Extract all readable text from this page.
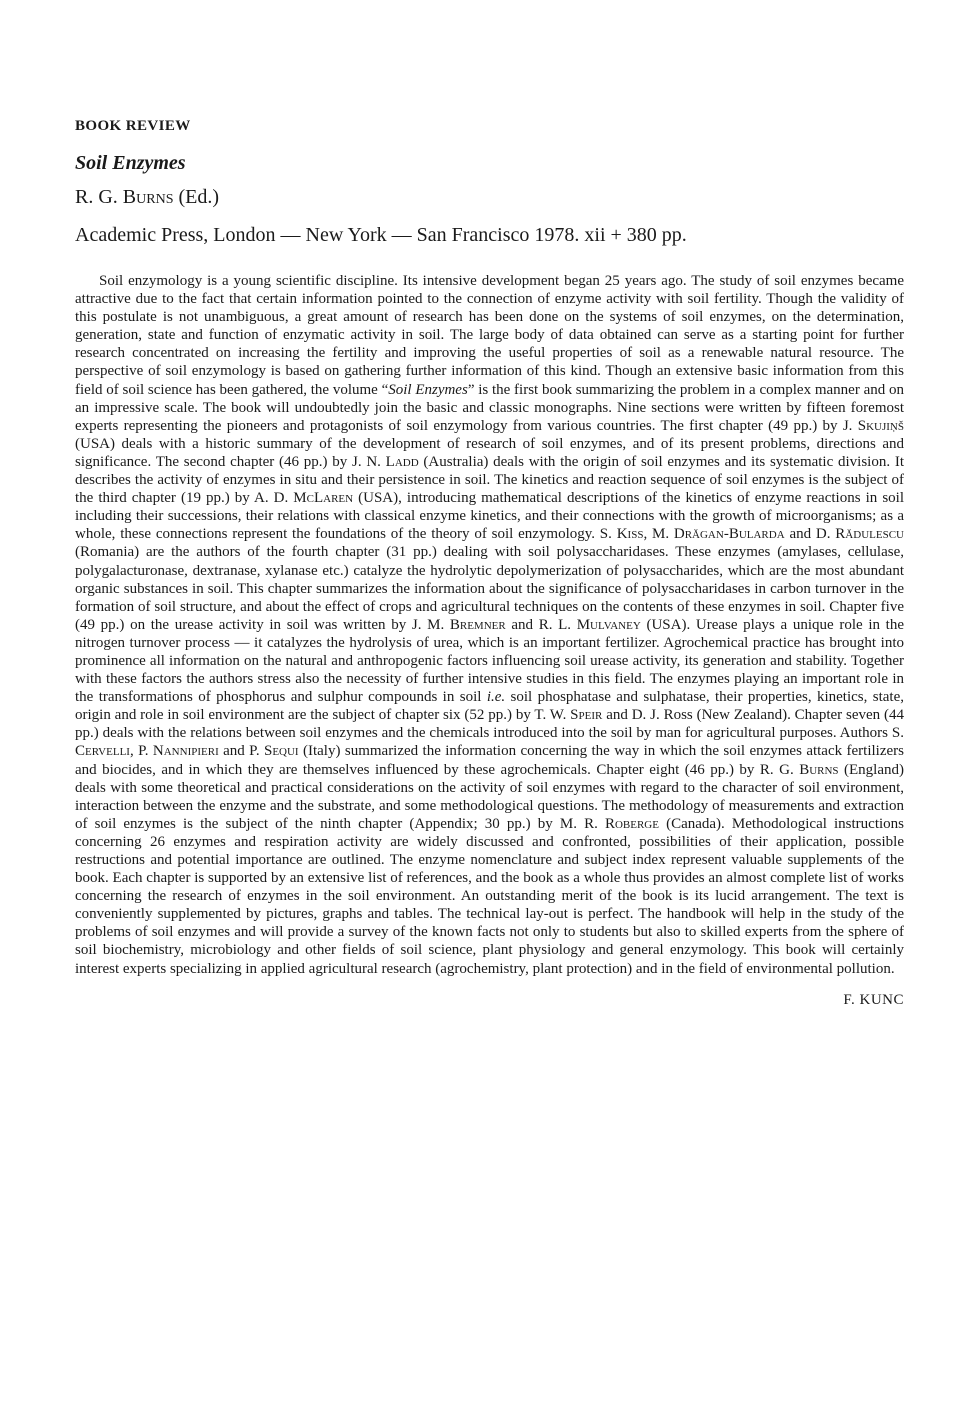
BOOK REVIEW
Soil Enzymes
R. G. Burns (Ed.)
Academic Press, London — New York — San Francisco 1978. xii + 380 pp.

Soil enzymology is a young scientific discipline. Its intensive development began 25 years ago. The study of soil enzymes became attractive due to the fact that certain information pointed to the connection of enzyme activity with soil fertility. Though the validity of this postulate is not unambiguous, a great amount of research has been done on the systems of soil enzymes, on the determination, generation, state and function of enzymatic activity in soil. The large body of data obtained can serve as a starting point for further research concentrated on increasing the fertility and improving the useful properties of soil as a renewable natural resource. The perspective of soil enzymology is based on gathering further information of this kind. Though an extensive basic information from this field of soil science has been gathered, the volume “Soil Enzymes” is the first book summarizing the problem in a complex manner and on an impressive scale. The book will undoubtedly join the basic and classic monographs. Nine sections were written by fifteen foremost experts representing the pioneers and protagonists of soil enzymology from various countries. The first chapter (49 pp.) by J. Skujiņš (USA) deals with a historic summary of the development of research of soil enzymes, and of its present problems, directions and significance. The second chapter (46 pp.) by J. N. Ladd (Australia) deals with the origin of soil enzymes and its systematic division. It describes the activity of enzymes in situ and their persistence in soil. The kinetics and reaction sequence of soil enzymes is the subject of the third chapter (19 pp.) by A. D. McLaren (USA), introducing mathematical descriptions of the kinetics of enzyme reactions in soil including their successions, their relations with classical enzyme kinetics, and their connections with the growth of microorganisms; as a whole, these connections represent the foundations of the theory of soil enzymology. S. Kiss, M. Drăgan-Bularda and D. Rădulescu (Romania) are the authors of the fourth chapter (31 pp.) dealing with soil polysaccharidases. These enzymes (amylases, cellulase, polygalacturonase, dextranase, xylanase etc.) catalyze the hydrolytic depolymerization of polysaccharides, which are the most abundant organic substances in soil. This chapter summarizes the information about the significance of polysaccharidases in carbon turnover in the formation of soil structure, and about the effect of crops and agricultural techniques on the contents of these enzymes in soil. Chapter five (49 pp.) on the urease activity in soil was written by J. M. Bremner and R. L. Mulvaney (USA). Urease plays a unique role in the nitrogen turnover process — it catalyzes the hydrolysis of urea, which is an important fertilizer. Agrochemical practice has brought into prominence all information on the natural and anthropogenic factors influencing soil urease activity, its generation and stability. Together with these factors the authors stress also the necessity of further intensive studies in this field. The enzymes playing an important role in the transformations of phosphorus and sulphur compounds in soil i.e. soil phosphatase and sulphatase, their properties, kinetics, state, origin and role in soil environment are the subject of chapter six (52 pp.) by T. W. Speir and D. J. Ross (New Zealand). Chapter seven (44 pp.) deals with the relations between soil enzymes and the chemicals introduced into the soil by man for agricultural purposes. Authors S. Cervelli, P. Nannipieri and P. Sequi (Italy) summarized the information concerning the way in which the soil enzymes attack fertilizers and biocides, and in which they are themselves influenced by these agrochemicals. Chapter eight (46 pp.) by R. G. Burns (England) deals with some theoretical and practical considerations on the activity of soil enzymes with regard to the character of soil environment, interaction between the enzyme and the substrate, and some methodological questions. The methodology of measurements and extraction of soil enzymes is the subject of the ninth chapter (Appendix; 30 pp.) by M. R. Roberge (Canada). Methodological instructions concerning 26 enzymes and respiration activity are widely discussed and confronted, possibilities of their application, possible restructions and potential importance are outlined. The enzyme nomenclature and subject index represent valuable supplements of the book. Each chapter is supported by an extensive list of references, and the book as a whole thus provides an almost complete list of works concerning the research of enzymes in the soil environment. An outstanding merit of the book is its lucid arrangement. The text is conveniently supplemented by pictures, graphs and tables. The technical lay-out is perfect. The handbook will help in the study of the problems of soil enzymes and will provide a survey of the known facts not only to students but also to skilled experts from the sphere of soil biochemistry, microbiology and other fields of soil science, plant physiology and general enzymology. This book will certainly interest experts specializing in applied agricultural research (agrochemistry, plant protection) and in the field of environmental pollution.

F. KUNC
